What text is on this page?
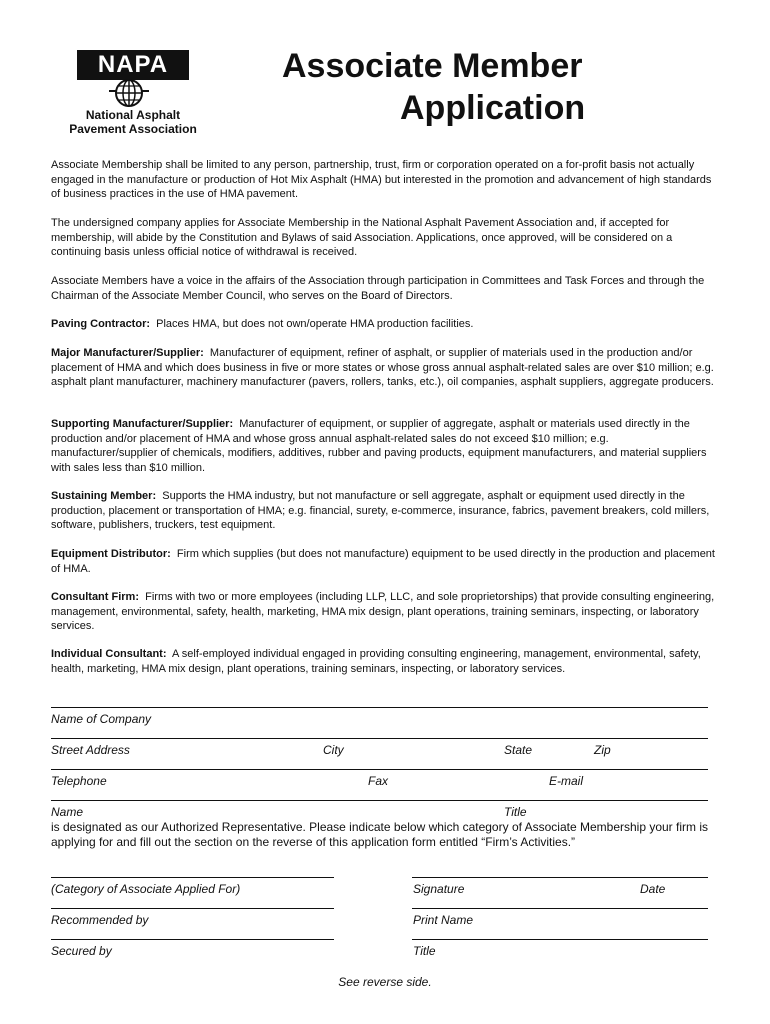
NAPA
National Asphalt
Pavement Association
Associate Member
Application

Associate Membership shall be limited to any person, partnership, trust, firm or corporation operated on a for-profit basis not actually engaged in the manufacture or production of Hot Mix Asphalt (HMA) but interested in the promotion and advancement of high standards of business practices in the use of HMA pavement.

The undersigned company applies for Associate Membership in the National Asphalt Pavement Association and, if accepted for membership, will abide by the Constitution and Bylaws of said Association. Applications, once approved, will be considered on a continuing basis unless official notice of withdrawal is received.

Associate Members have a voice in the affairs of the Association through participation in Committees and Task Forces and through the Chairman of the Associate Member Council, who serves on the Board of Directors.

Paving Contractor: Places HMA, but does not own/operate HMA production facilities.

Major Manufacturer/Supplier: Manufacturer of equipment, refiner of asphalt, or supplier of materials used in the production and/or placement of HMA and which does business in five or more states or whose gross annual asphalt-related sales are over $10 million; e.g. asphalt plant manufacturer, machinery manufacturer (pavers, rollers, tanks, etc.), oil companies, asphalt suppliers, aggregate producers.

Supporting Manufacturer/Supplier: Manufacturer of equipment, or supplier of aggregate, asphalt or materials used directly in the production and/or placement of HMA and whose gross annual asphalt-related sales do not exceed $10 million; e.g. manufacturer/supplier of chemicals, modifiers, additives, rubber and paving products, equipment manufacturers, and material suppliers with sales less than $10 million.

Sustaining Member: Supports the HMA industry, but not manufacture or sell aggregate, asphalt or equipment used directly in the production, placement or transportation of HMA; e.g. financial, surety, e-commerce, insurance, fabrics, pavement breakers, cold millers, software, publishers, truckers, test equipment.

Equipment Distributor: Firm which supplies (but does not manufacture) equipment to be used directly in the production and placement of HMA.

Consultant Firm: Firms with two or more employees (including LLP, LLC, and sole proprietorships) that provide consulting engineering, management, environmental, safety, health, marketing, HMA mix design, plant operations, training seminars, inspecting, or laboratory services.

Individual Consultant: A self-employed individual engaged in providing consulting engineering, management, environmental, safety, health, marketing, HMA mix design, plant operations, training seminars, inspecting, or laboratory services.

Name of Company
Street Address	City	State	Zip
Telephone	Fax	E-mail
Name	Title

is designated as our Authorized Representative. Please indicate below which category of Associate Membership your firm is applying for and fill out the section on the reverse of this application form entitled “Firm’s Activities.”

(Category of Associate Applied For)	Signature	Date
Recommended by	Print Name
Secured by	Title
See reverse side.
